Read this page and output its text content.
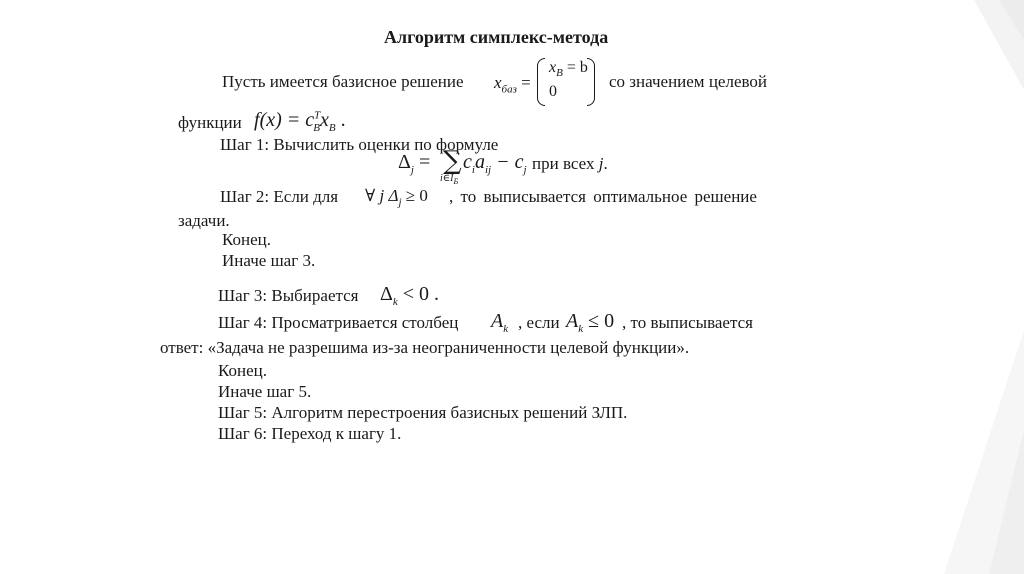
Алгоритм симплекс-метода
Пусть имеется базисное решение $x_{баз}$ =
$x_B = b$
0
со значением целевой
функции $f(x) = c^T_Bx_B$ .
Шаг 1: Вычислить оценки по формуле
$\Delta_j$ = ∑
$i\in I_Б$
$c_ia_{ij} - c_j$ при всех j.
Шаг 2: Если для ∀ j $\Delta_j \ge 0$ , то выписывается оптимальное решение
задачи.
Конец.
Иначе шаг 3.
Шаг 3: Выбирается $\Delta_k < 0$ .
Шаг 4: Просматривается столбец $A_k$ , если $A_k \le 0$ , то выписывается
ответ: «Задача не разрешима из-за неограниченности целевой функции».
Конец.
Иначе шаг 5.
Шаг 5: Алгоритм перестроения базисных решений ЗЛП.
Шаг 6: Переход к шагу 1.
